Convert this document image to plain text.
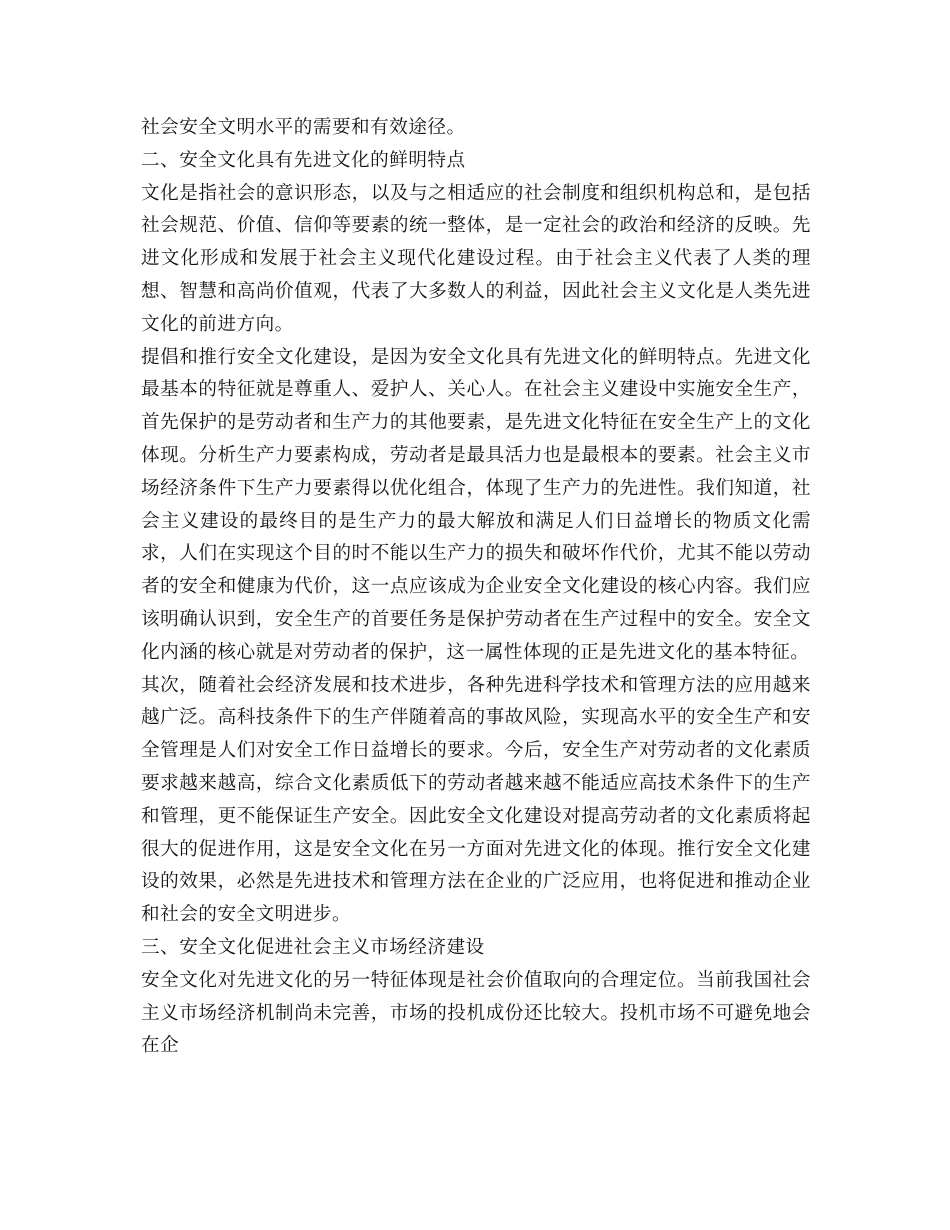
社会安全文明水平的需要和有效途径。

二、安全文化具有先进文化的鲜明特点

文化是指社会的意识形态，以及与之相适应的社会制度和组织机构总和，是包括社会规范、价值、信仰等要素的统一整体，是一定社会的政治和经济的反映。先进文化形成和发展于社会主义现代化建设过程。由于社会主义代表了人类的理想、智慧和高尚价值观，代表了大多数人的利益，因此社会主义文化是人类先进文化的前进方向。

提倡和推行安全文化建设，是因为安全文化具有先进文化的鲜明特点。先进文化最基本的特征就是尊重人、爱护人、关心人。在社会主义建设中实施安全生产，首先保护的是劳动者和生产力的其他要素，是先进文化特征在安全生产上的文化体现。分析生产力要素构成，劳动者是最具活力也是最根本的要素。社会主义市场经济条件下生产力要素得以优化组合，体现了生产力的先进性。我们知道，社会主义建设的最终目的是生产力的最大解放和满足人们日益增长的物质文化需求，人们在实现这个目的时不能以生产力的损失和破坏作代价，尤其不能以劳动者的安全和健康为代价，这一点应该成为企业安全文化建设的核心内容。我们应该明确认识到，安全生产的首要任务是保护劳动者在生产过程中的安全。安全文化内涵的核心就是对劳动者的保护，这一属性体现的正是先进文化的基本特征。

其次，随着社会经济发展和技术进步，各种先进科学技术和管理方法的应用越来越广泛。高科技条件下的生产伴随着高的事故风险，实现高水平的安全生产和安全管理是人们对安全工作日益增长的要求。今后，安全生产对劳动者的文化素质要求越来越高，综合文化素质低下的劳动者越来越不能适应高技术条件下的生产和管理，更不能保证生产安全。因此安全文化建设对提高劳动者的文化素质将起很大的促进作用，这是安全文化在另一方面对先进文化的体现。推行安全文化建设的效果，必然是先进技术和管理方法在企业的广泛应用，也将促进和推动企业和社会的安全文明进步。

三、安全文化促进社会主义市场经济建设

安全文化对先进文化的另一特征体现是社会价值取向的合理定位。当前我国社会主义市场经济机制尚未完善，市场的投机成份还比较大。投机市场不可避免地会在企
